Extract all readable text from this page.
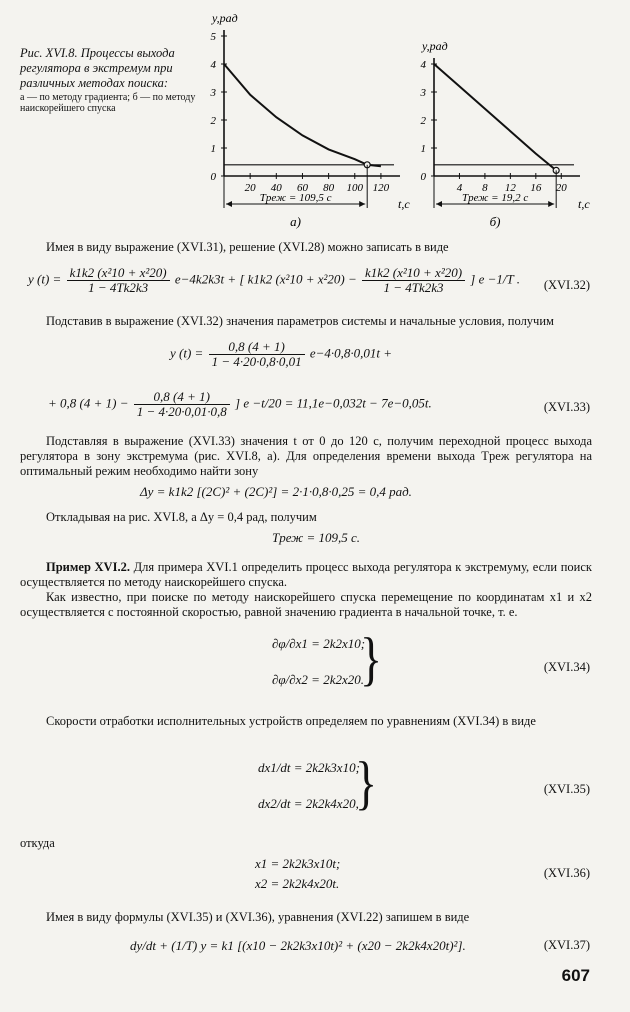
Рис. XVI.8. Процессы выхода регулятора в экстремум при различных методах поиска:
а — по методу градиента; б — по методу наискорейшего спуска
0
1
2
3
4
5
20 40 60 80 100 120
Tреж = 109,5 c
y,рад
t,c
а)
0
1
2
3
4
4 8 12 16 20
Tреж = 19,2 c
y,рад
t,c
б)
Имея в виду выражение (XVI.31), решение (XVI.28) можно записать в виде
y $(t) = \frac{\text{k1k2 (x²10 + x²20)}}{1 - 4Tk2k3} e-4k2k3t$ + [ k1k2 $(x^210 + x^220) - \frac{\text{k1k2 (x²10 + x²20)}}{1 - 4Tk2k3}$ ] e −1/T . (XVI.32)
Подставив в выражение (XVI.32) значения параметров системы и начальные условия, получим
y $(t) = \frac{0,8 (4 + 1)}{1 - 4\cdot 20\cdot 0,8\cdot 0,01} e-4\cdot 0,8\cdot 0,01t$ +
+ 0,8 $(4 + 1) - \frac{0,8 (4 + 1)}{1 - 4\cdot 20\cdot 0,01\cdot 0,8}$ ] e −t/20 = 11,1e−0,032t − 7e−0,05t.	(XVI.33)
Подставляя в выражение (XVI.33) значения t от 0 до 120 с, получим переходной процесс выхода регулятора в зону экстремума (рис. XVI.8, а). Для определения времени выхода Tреж регулятора на оптимальный режим необходимо найти зону
Δy = k1k2 [(2C)² + (2C)²] = 2·1·0,8·0,25 = 0,4 рад.
Откладывая на рис. XVI.8, а Δy = 0,4 рад, получим
Tреж = 109,5 с.
Пример XVI.2. Для примера XVI.1 определить процесс выхода регулятора к экстремуму, если поиск осуществляется по методу наискорейшего спуска.
Как известно, при поиске по методу наискорейшего спуска перемещение по координатам x1 и x2 осуществляется с постоянной скоростью, равной значению градиента в начальной точке, т. е.
∂φ/∂x1 = 2k2x10;
∂φ/∂x2 = 2k2x20.
}	(XVI.34)
Скорости отработки исполнительных устройств определяем по уравнениям (XVI.34) в виде
dx1/dt = 2k2k3x10;
dx2/dt = 2k2k4x20,
}	(XVI.35)
откуда
x1 = 2k2k3x10t;
x2 = 2k2k4x20t.
(XVI.36)
Имея в виду формулы (XVI.35) и (XVI.36), уравнения (XVI.22) запишем в виде
dy/dt + (1/T) y = k1 [(x10 − 2k2k3x10t)² + (x20 − 2k2k4x20t)²].	(XVI.37)
607
